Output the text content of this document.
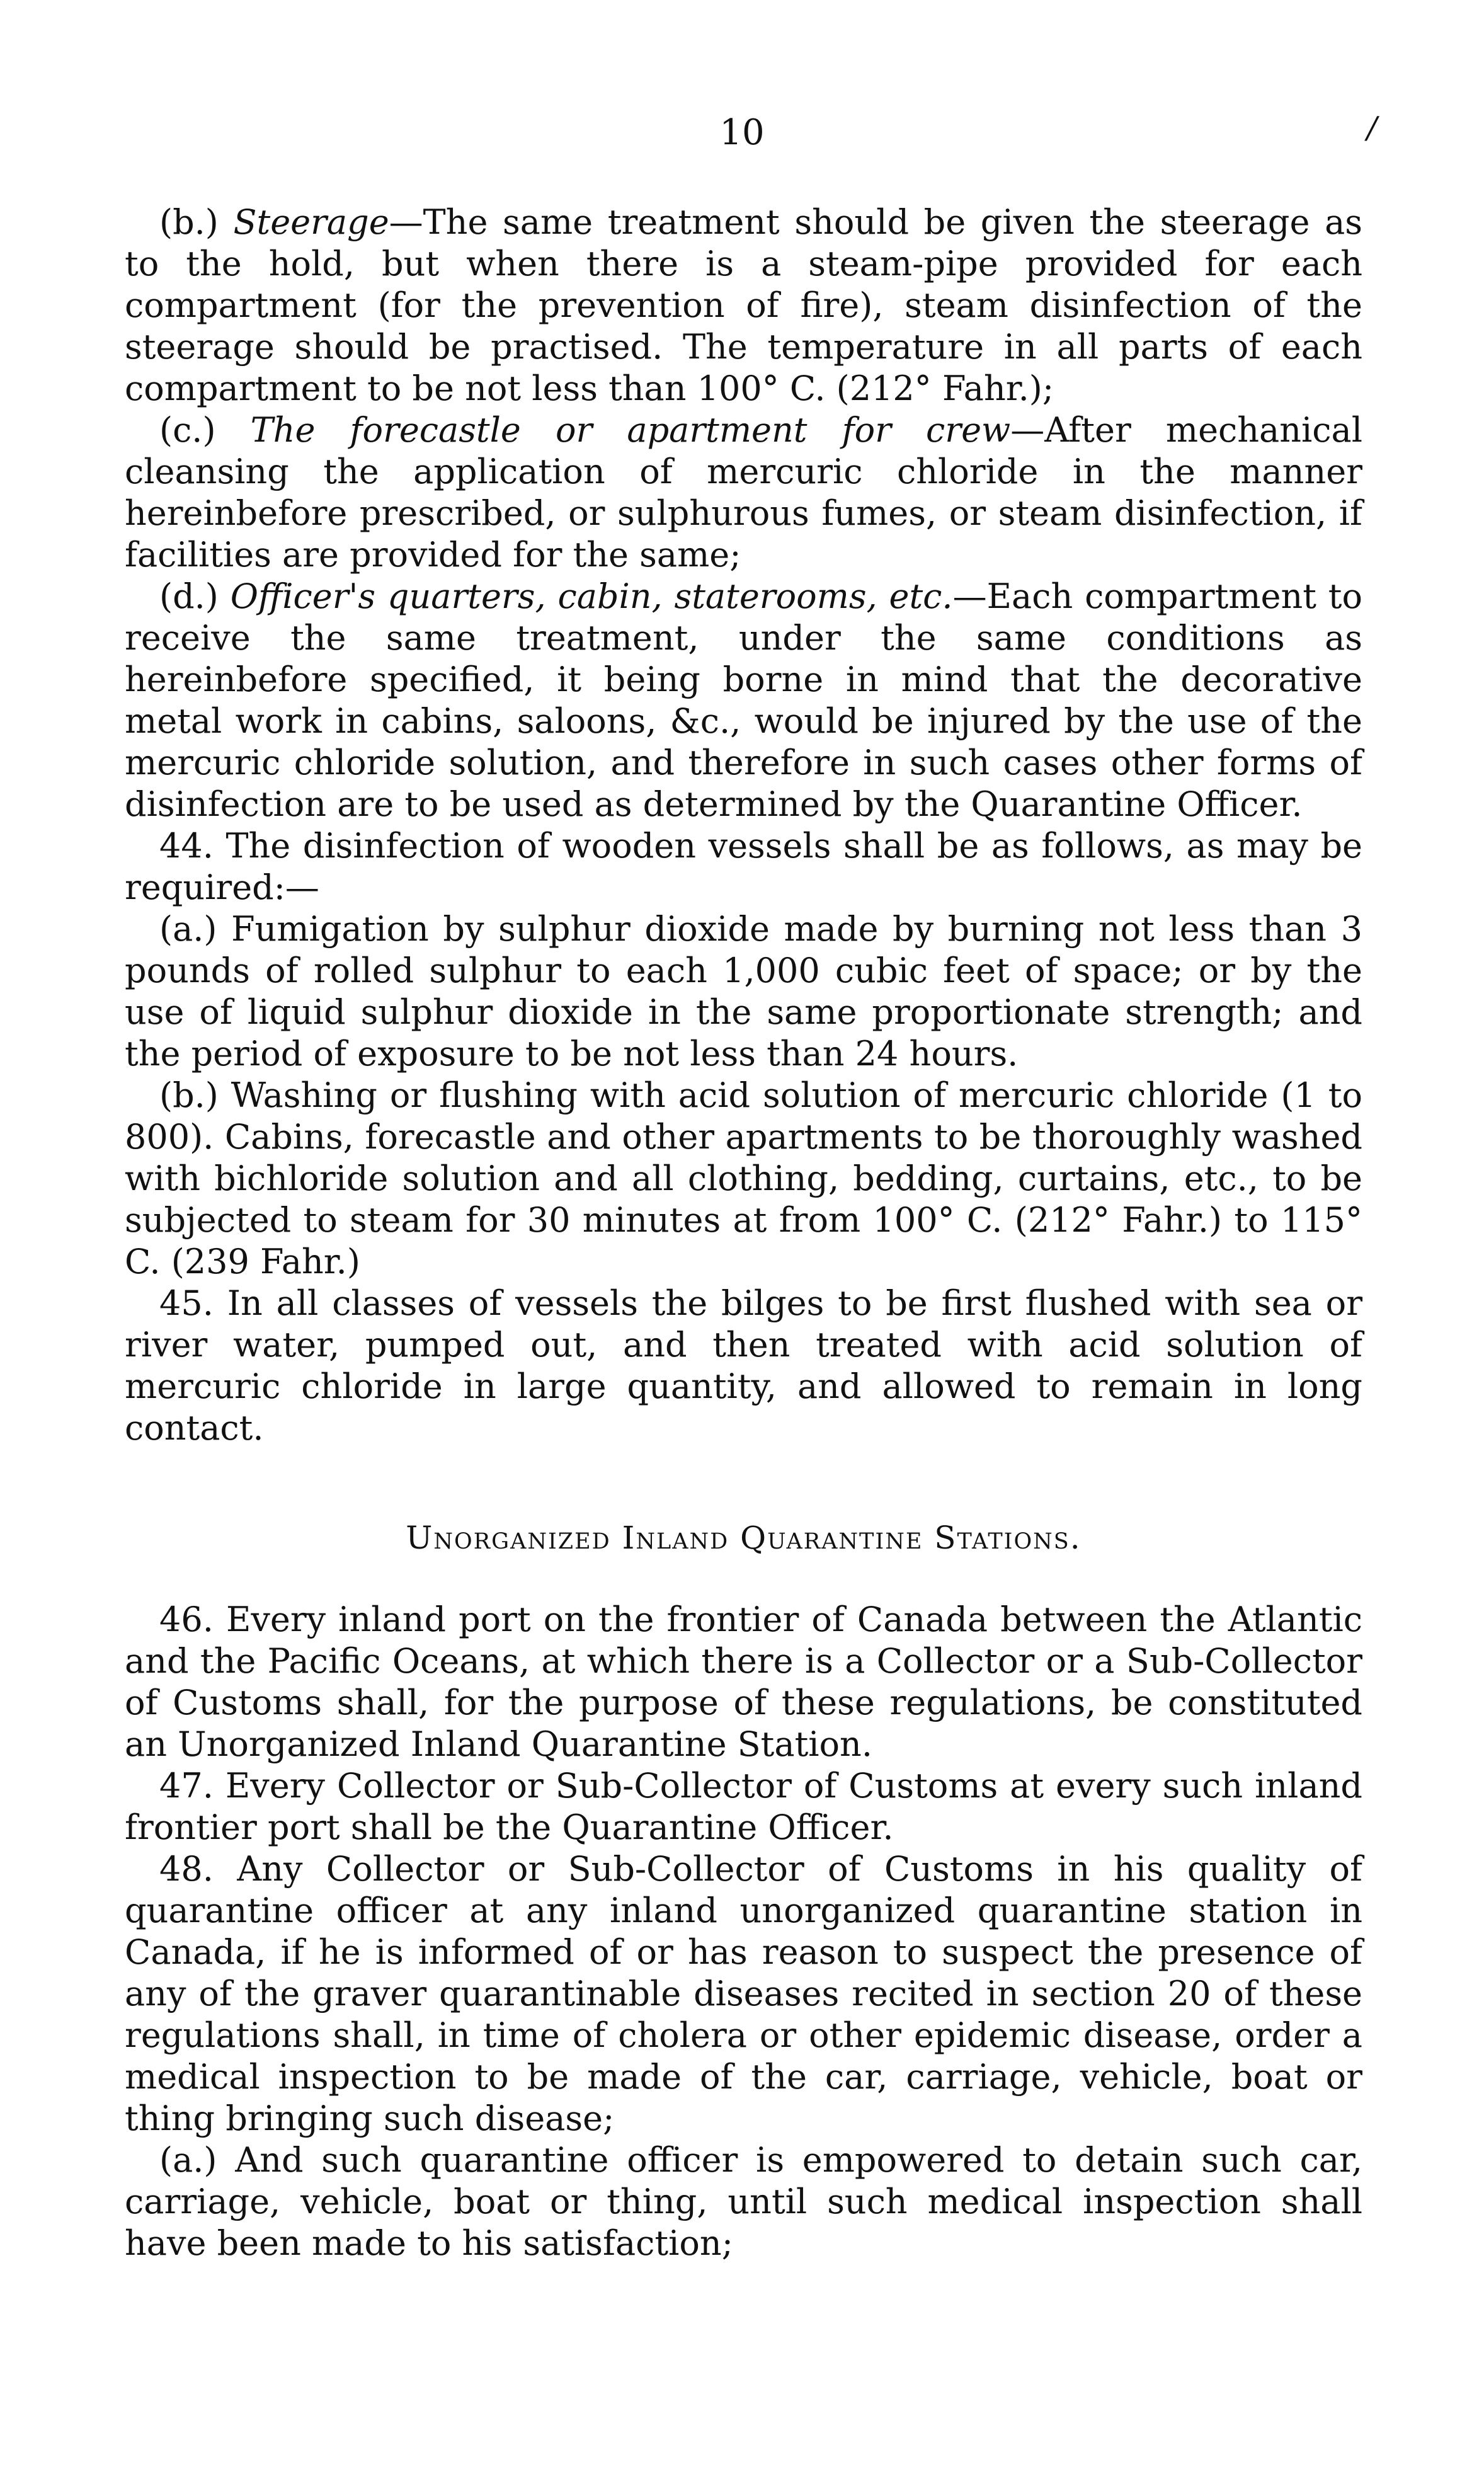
10	/

(b.) Steerage—The same treatment should be given the steerage as to the hold, but when there is a steam-pipe provided for each compartment (for the prevention of fire), steam disinfection of the steerage should be practised. The temperature in all parts of each compartment to be not less than 100° C. (212° Fahr.);

(c.) The forecastle or apartment for crew—After mechanical cleansing the application of mercuric chloride in the manner hereinbefore prescribed, or sulphurous fumes, or steam disinfection, if facilities are provided for the same;

(d.) Officer's quarters, cabin, staterooms, etc.—Each compartment to receive the same treatment, under the same conditions as hereinbefore specified, it being borne in mind that the decorative metal work in cabins, saloons, &c., would be injured by the use of the mercuric chloride solution, and therefore in such cases other forms of disinfection are to be used as determined by the Quarantine Officer.

44. The disinfection of wooden vessels shall be as follows, as may be required:—

(a.) Fumigation by sulphur dioxide made by burning not less than 3 pounds of rolled sulphur to each 1,000 cubic feet of space; or by the use of liquid sulphur dioxide in the same proportionate strength; and the period of exposure to be not less than 24 hours.

(b.) Washing or flushing with acid solution of mercuric chloride (1 to 800). Cabins, forecastle and other apartments to be thoroughly washed with bichloride solution and all clothing, bedding, curtains, etc., to be subjected to steam for 30 minutes at from 100° C. (212° Fahr.) to 115° C. (239 Fahr.)

45. In all classes of vessels the bilges to be first flushed with sea or river water, pumped out, and then treated with acid solution of mercuric chloride in large quantity, and allowed to remain in long contact.

Unorganized Inland Quarantine Stations.

46. Every inland port on the frontier of Canada between the Atlantic and the Pacific Oceans, at which there is a Collector or a Sub-Collector of Customs shall, for the purpose of these regulations, be constituted an Unorganized Inland Quarantine Station.

47. Every Collector or Sub-Collector of Customs at every such inland frontier port shall be the Quarantine Officer.

48. Any Collector or Sub-Collector of Customs in his quality of quarantine officer at any inland unorganized quarantine station in Canada, if he is informed of or has reason to suspect the presence of any of the graver quarantinable diseases recited in section 20 of these regulations shall, in time of cholera or other epidemic disease, order a medical inspection to be made of the car, carriage, vehicle, boat or thing bringing such disease;

(a.) And such quarantine officer is empowered to detain such car, carriage, vehicle, boat or thing, until such medical inspection shall have been made to his satisfaction;
